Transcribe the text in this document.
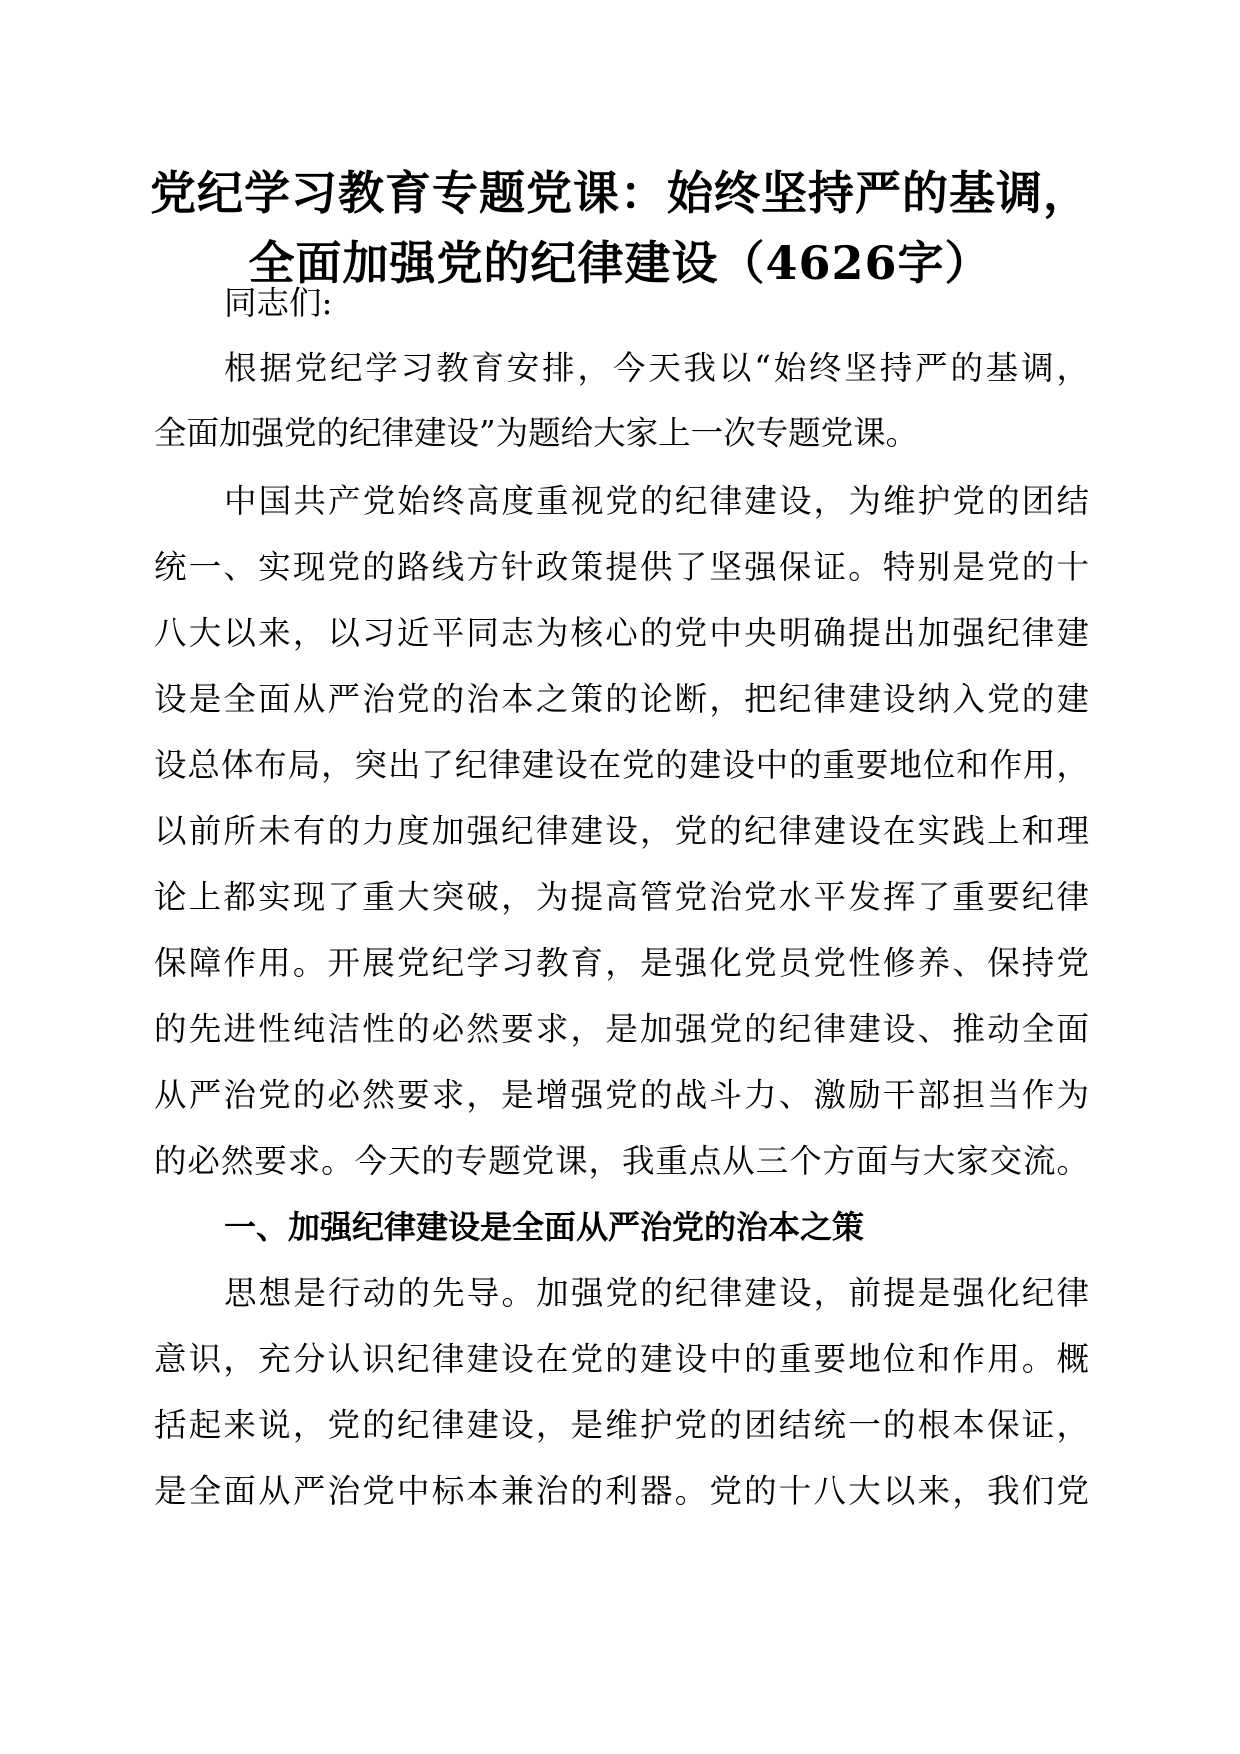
党纪学习教育专题党课：始终坚持严的基调，
全面加强党的纪律建设（4626字）

同志们:

根据党纪学习教育安排，今天我以“始终坚持严的基调，

全面加强党的纪律建设”为题给大家上一次专题党课。

中国共产党始终高度重视党的纪律建设，为维护党的团结

统一、实现党的路线方针政策提供了坚强保证。特别是党的十

八大以来，以习近平同志为核心的党中央明确提出加强纪律建

设是全面从严治党的治本之策的论断，把纪律建设纳入党的建

设总体布局，突出了纪律建设在党的建设中的重要地位和作用，

以前所未有的力度加强纪律建设，党的纪律建设在实践上和理

论上都实现了重大突破，为提高管党治党水平发挥了重要纪律

保障作用。开展党纪学习教育，是强化党员党性修养、保持党

的先进性纯洁性的必然要求，是加强党的纪律建设、推动全面

从严治党的必然要求，是增强党的战斗力、激励干部担当作为

的必然要求。今天的专题党课，我重点从三个方面与大家交流。

一、加强纪律建设是全面从严治党的治本之策

思想是行动的先导。加强党的纪律建设，前提是强化纪律

意识，充分认识纪律建设在党的建设中的重要地位和作用。概

括起来说，党的纪律建设，是维护党的团结统一的根本保证，

是全面从严治党中标本兼治的利器。党的十八大以来，我们党
